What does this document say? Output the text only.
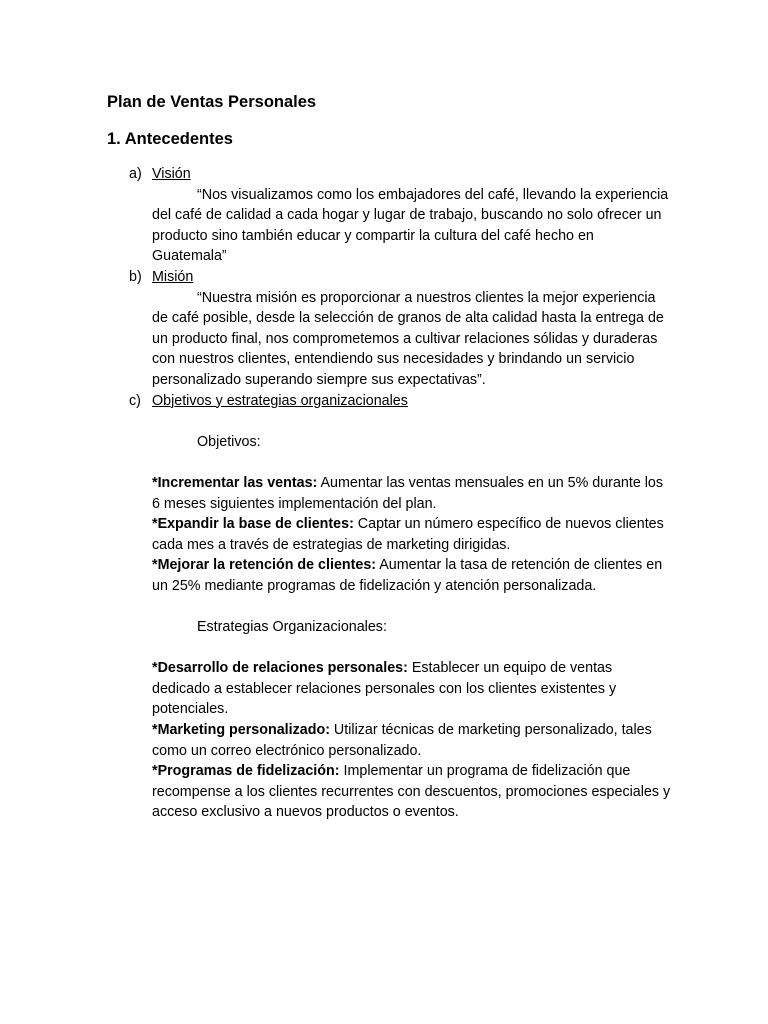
Plan de Ventas Personales
1. Antecedentes
a) Visión

“Nos visualizamos como los embajadores del café, llevando la experiencia del café de calidad a cada hogar y lugar de trabajo, buscando no solo ofrecer un producto sino también educar y compartir la cultura del café hecho en Guatemala”

b) Misión

“Nuestra misión es proporcionar a nuestros clientes la mejor experiencia de café posible, desde la selección de granos de alta calidad hasta la entrega de un producto final, nos comprometemos a cultivar relaciones sólidas y duraderas con nuestros clientes, entendiendo sus necesidades y brindando un servicio personalizado superando siempre sus expectativas”.

c) Objetivos y estrategias organizacionales

Objetivos:

*Incrementar las ventas: Aumentar las ventas mensuales en un 5% durante los 6 meses siguientes implementación del plan.

*Expandir la base de clientes: Captar un número específico de nuevos clientes cada mes a través de estrategias de marketing dirigidas.

*Mejorar la retención de clientes: Aumentar la tasa de retención de clientes en un 25% mediante programas de fidelización y atención personalizada.

Estrategias Organizacionales:

*Desarrollo de relaciones personales: Establecer un equipo de ventas dedicado a establecer relaciones personales con los clientes existentes y potenciales.

*Marketing personalizado: Utilizar técnicas de marketing personalizado, tales como un correo electrónico personalizado.

*Programas de fidelización: Implementar un programa de fidelización que recompense a los clientes recurrentes con descuentos, promociones especiales y acceso exclusivo a nuevos productos o eventos.
